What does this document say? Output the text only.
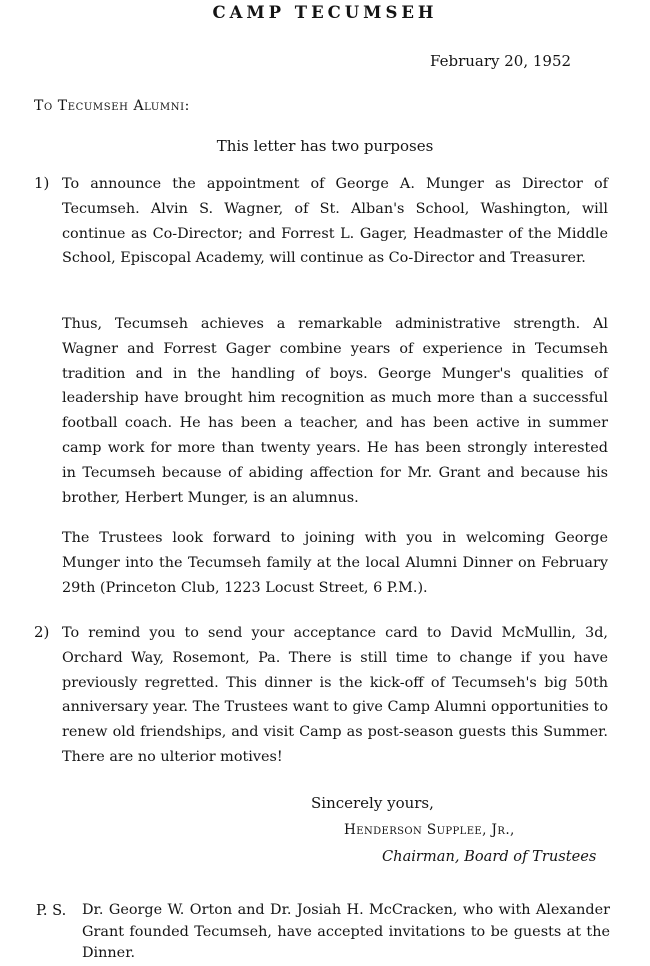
CAMP TECUMSEH
February 20, 1952
To Tecumseh Alumni:
This letter has two purposes
1) To announce the appointment of George A. Munger as Director of Tecumseh. Alvin S. Wagner, of St. Alban's School, Washington, will continue as Co-Director; and Forrest L. Gager, Headmaster of the Middle School, Episcopal Academy, will continue as Co-Director and Treasurer.
Thus, Tecumseh achieves a remarkable administrative strength. Al Wagner and Forrest Gager combine years of experience in Tecumseh tradition and in the handling of boys. George Munger's qualities of leadership have brought him recognition as much more than a successful football coach. He has been a teacher, and has been active in summer camp work for more than twenty years. He has been strongly interested in Tecumseh because of abiding affection for Mr. Grant and because his brother, Herbert Munger, is an alumnus.
The Trustees look forward to joining with you in welcoming George Munger into the Tecumseh family at the local Alumni Dinner on February 29th (Princeton Club, 1223 Locust Street, 6 P.M.).
2) To remind you to send your acceptance card to David McMullin, 3d, Orchard Way, Rosemont, Pa. There is still time to change if you have previously regretted. This dinner is the kick-off of Tecumseh's big 50th anniversary year. The Trustees want to give Camp Alumni opportunities to renew old friendships, and visit Camp as post-season guests this Summer. There are no ulterior motives!
Sincerely yours,
Henderson Supplee, Jr.,
Chairman, Board of Trustees
P. S. Dr. George W. Orton and Dr. Josiah H. McCracken, who with Alexander Grant founded Tecumseh, have accepted invitations to be guests at the Dinner.
